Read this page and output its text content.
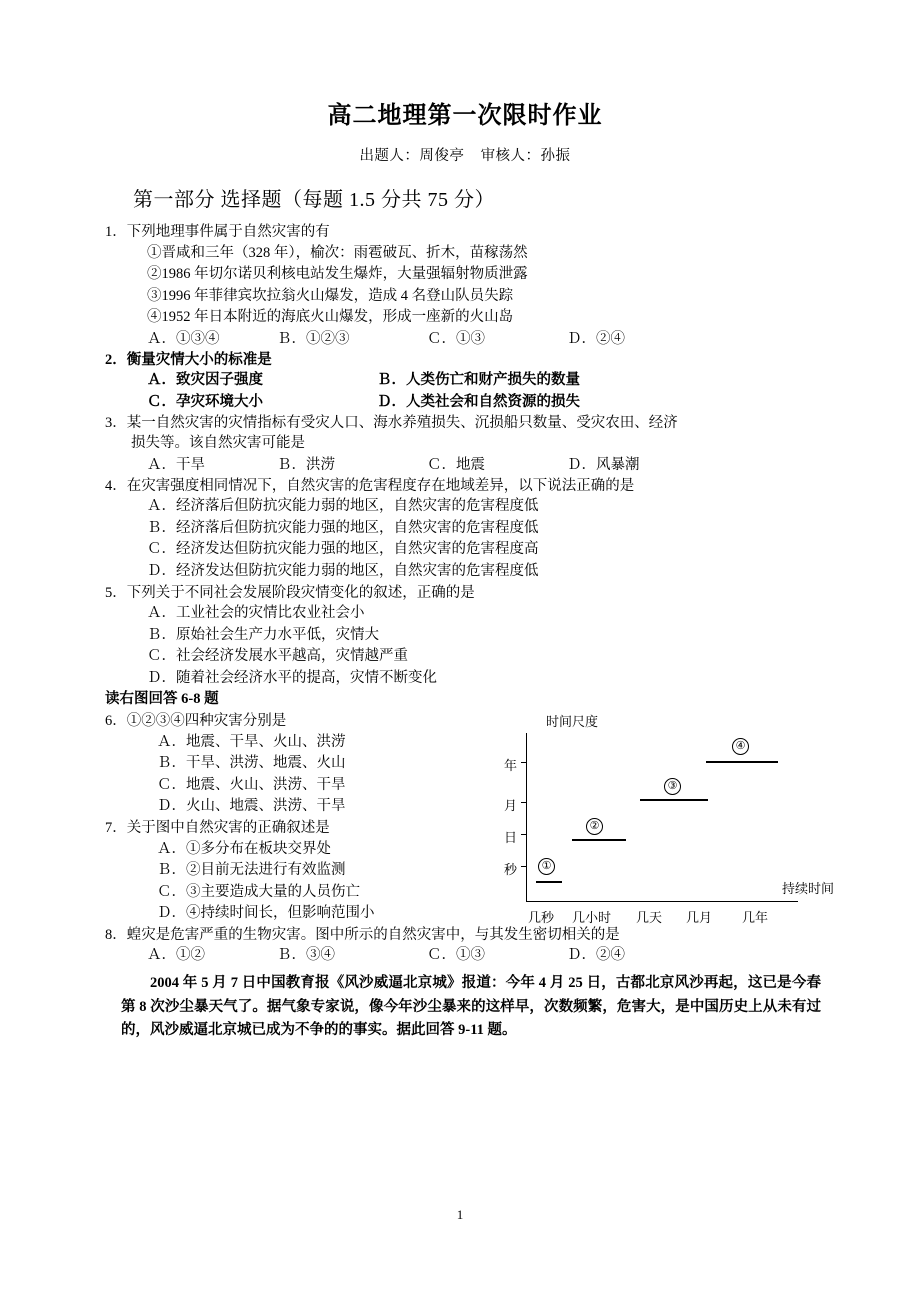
高二地理第一次限时作业
出题人：周俊亭 审核人：孙振
第一部分 选择题（每题 1.5 分共 75 分）
1．下列地理事件属于自然灾害的有
①晋咸和三年（328 年），榆次：雨雹破瓦、折木，苗稼荡然
②1986 年切尔诺贝利核电站发生爆炸，大量强辐射物质泄露
③1996 年菲律宾坎拉翁火山爆发，造成 4 名登山队员失踪
④1952 年日本附近的海底火山爆发，形成一座新的火山岛
Ａ．①③④	Ｂ．①②③	Ｃ．①③	Ｄ．②④
2．衡量灾情大小的标准是
Ａ．致灾因子强度	Ｂ．人类伤亡和财产损失的数量
Ｃ．孕灾环境大小	Ｄ．人类社会和自然资源的损失
3．某一自然灾害的灾情指标有受灾人口、海水养殖损失、沉损船只数量、受灾农田、经济
损失等。该自然灾害可能是
Ａ．干旱	Ｂ．洪涝	Ｃ．地震	Ｄ．风暴潮
4．在灾害强度相同情况下，自然灾害的危害程度存在地域差异，以下说法正确的是
Ａ．经济落后但防抗灾能力弱的地区，自然灾害的危害程度低
Ｂ．经济落后但防抗灾能力强的地区，自然灾害的危害程度低
Ｃ．经济发达但防抗灾能力强的地区，自然灾害的危害程度高
Ｄ．经济发达但防抗灾能力弱的地区，自然灾害的危害程度低
5．下列关于不同社会发展阶段灾情变化的叙述，正确的是
Ａ．工业社会的灾情比农业社会小
Ｂ．原始社会生产力水平低，灾情大
Ｃ．社会经济发展水平越高，灾情越严重
Ｄ．随着社会经济水平的提高，灾情不断变化
读右图回答 6-8 题
6．①②③④四种灾害分别是
Ａ．地震、干旱、火山、洪涝
Ｂ．干旱、洪涝、地震、火山
Ｃ．地震、火山、洪涝、干旱
Ｄ．火山、地震、洪涝、干旱
7．关于图中自然灾害的正确叙述是
Ａ．①多分布在板块交界处
Ｂ．②目前无法进行有效监测
Ｃ．③主要造成大量的人员伤亡
Ｄ．④持续时间长，但影响范围小
时间尺度
年
月
日
秒	①
②
③
④
几秒 几小时 几天 几月 几年
持续时间
8．蝗灾是危害严重的生物灾害。图中所示的自然灾害中，与其发生密切相关的是
Ａ．①②	Ｂ．③④	Ｃ．①③	Ｄ．②④
2004 年 5 月 7 日中国教育报《风沙威逼北京城》报道：今年 4 月 25 日，古都北京风沙再起，这已是今春第 8 次沙尘暴天气了。据气象专家说，像今年沙尘暴来的这样早，次数频繁，危害大，是中国历史上从未有过的，风沙威逼北京城已成为不争的的事实。据此回答 9-11 题。
1
